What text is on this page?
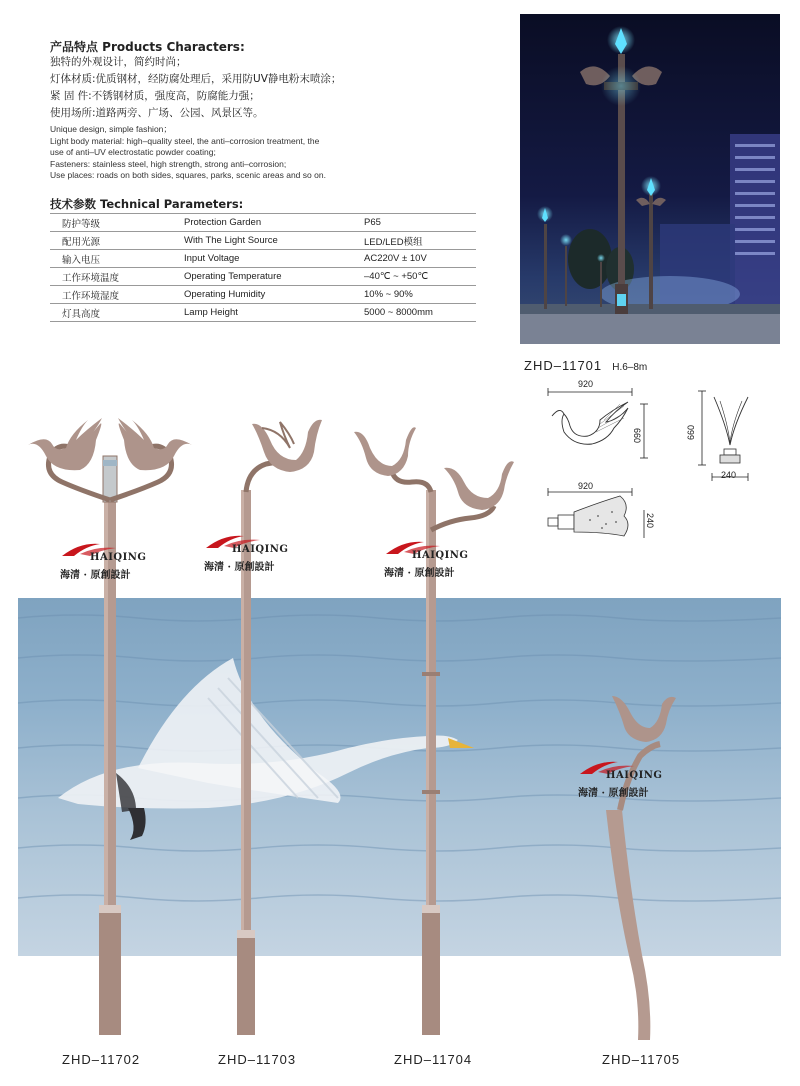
产品特点 Products Characters:
独特的外观设计，简约时尚；
灯体材质:优质钢材，经防腐处理后，采用防UV静电粉末喷涂；
紧 固 件:不锈钢材质，强度高，防腐能力强；
使用场所:道路两旁、广场、公园、风景区等。
Unique design, simple fashion；
Light body material: high–quality steel, the anti–corrosion treatment, the
use of anti–UV electrostatic powder coating;
Fasteners: stainless steel, high strength, strong anti–corrosion;
Use places: roads on both sides, squares, parks, scenic areas and so on.
技术参数 Technical Parameters:
防护等级	Protection Garden	P65
配用光源	With The Light Source	LED/LED模组
输入电压	Input Voltage	AC220V ± 10V
工作环境温度	Operating Temperature	–40℃ ~ +50℃
工作环境湿度	Operating Humidity	10% ~ 90%
灯具高度	Lamp Height	5000 ~ 8000mm
ZHD–11701 H.6–8m
920
660
920
240
660
240
HAIQING
海清 · 原創設計
HAIQING
海清 · 原創設計
HAIQING
海清 · 原創設計
HAIQING
海清 · 原創設計
ZHD–11702	ZHD–11703	ZHD–11704	ZHD–11705
